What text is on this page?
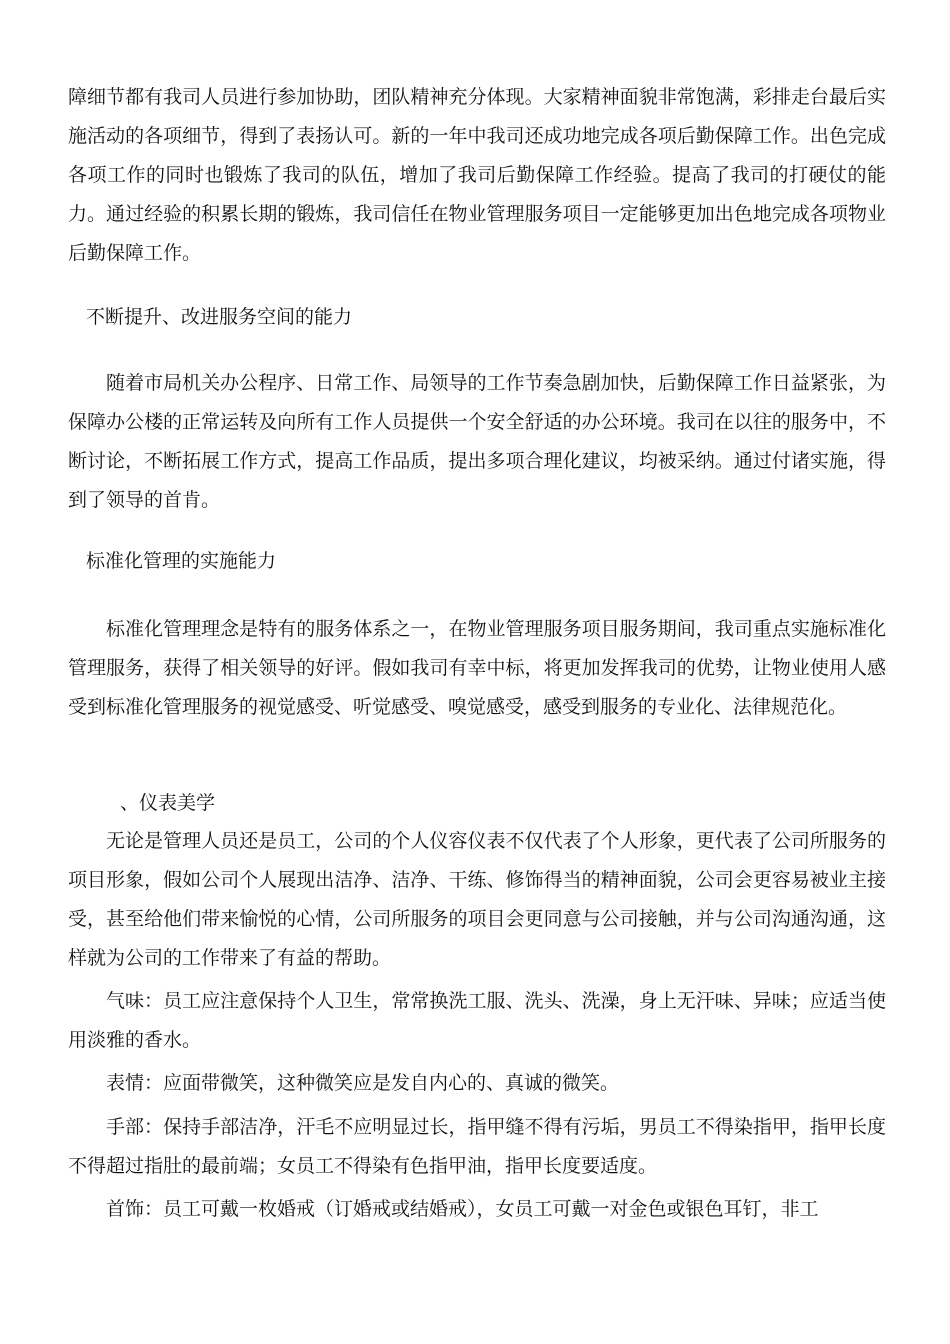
障细节都有我司人员进行参加协助，团队精神充分体现。大家精神面貌非常饱满，彩排走台最后实施活动的各项细节，得到了表扬认可。新的一年中我司还成功地完成各项后勤保障工作。出色完成各项工作的同时也锻炼了我司的队伍，增加了我司后勤保障工作经验。提高了我司的打硬仗的能力。通过经验的积累长期的锻炼，我司信任在物业管理服务项目一定能够更加出色地完成各项物业后勤保障工作。

不断提升、改进服务空间的能力

随着市局机关办公程序、日常工作、局领导的工作节奏急剧加快，后勤保障工作日益紧张，为保障办公楼的正常运转及向所有工作人员提供一个安全舒适的办公环境。我司在以往的服务中，不断讨论，不断拓展工作方式，提高工作品质，提出多项合理化建议，均被采纳。通过付诸实施，得到了领导的首肯。

标准化管理的实施能力

标准化管理理念是特有的服务体系之一，在物业管理服务项目服务期间，我司重点实施标准化管理服务，获得了相关领导的好评。假如我司有幸中标，将更加发挥我司的优势，让物业使用人感受到标准化管理服务的视觉感受、听觉感受、嗅觉感受，感受到服务的专业化、法律规范化。

、仪表美学

无论是管理人员还是员工，公司的个人仪容仪表不仅代表了个人形象，更代表了公司所服务的项目形象，假如公司个人展现出洁净、洁净、干练、修饰得当的精神面貌，公司会更容易被业主接受，甚至给他们带来愉悦的心情，公司所服务的项目会更同意与公司接触，并与公司沟通沟通，这样就为公司的工作带来了有益的帮助。

气味：员工应注意保持个人卫生，常常换洗工服、洗头、洗澡，身上无汗味、异味；应适当使用淡雅的香水。

表情：应面带微笑，这种微笑应是发自内心的、真诚的微笑。

手部：保持手部洁净，汗毛不应明显过长，指甲缝不得有污垢，男员工不得染指甲，指甲长度不得超过指肚的最前端；女员工不得染有色指甲油，指甲长度要适度。

首饰：员工可戴一枚婚戒（订婚戒或结婚戒），女员工可戴一对金色或银色耳钉，非工
